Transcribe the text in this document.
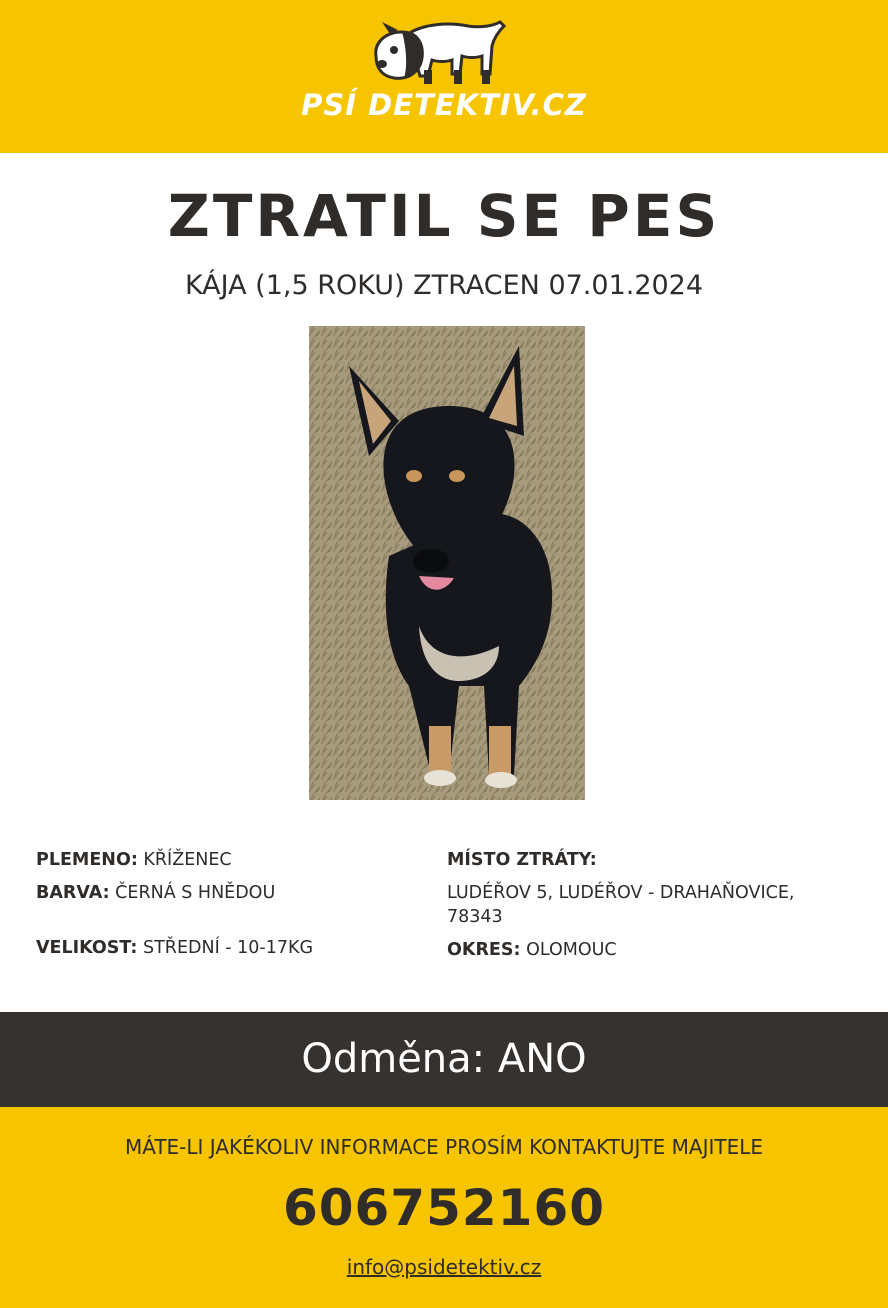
PSÍ DETEKTIV.CZ
ZTRATIL SE PES
KÁJA (1,5 ROKU) ZTRACEN 07.01.2024
PLEMENO: KŘÍŽENEC
BARVA: ČERNÁ S HNĚDOU
VELIKOST: STŘEDNÍ - 10-17KG
MÍSTO ZTRÁTY:
LUDÉŘOV 5, LUDÉŘOV - DRAHAŇOVICE, 78343
OKRES: OLOMOUC
Odměna: ANO
MÁTE-LI JAKÉKOLIV INFORMACE PROSÍM KONTAKTUJTE MAJITELE
606752160
info@psidetektiv.cz
